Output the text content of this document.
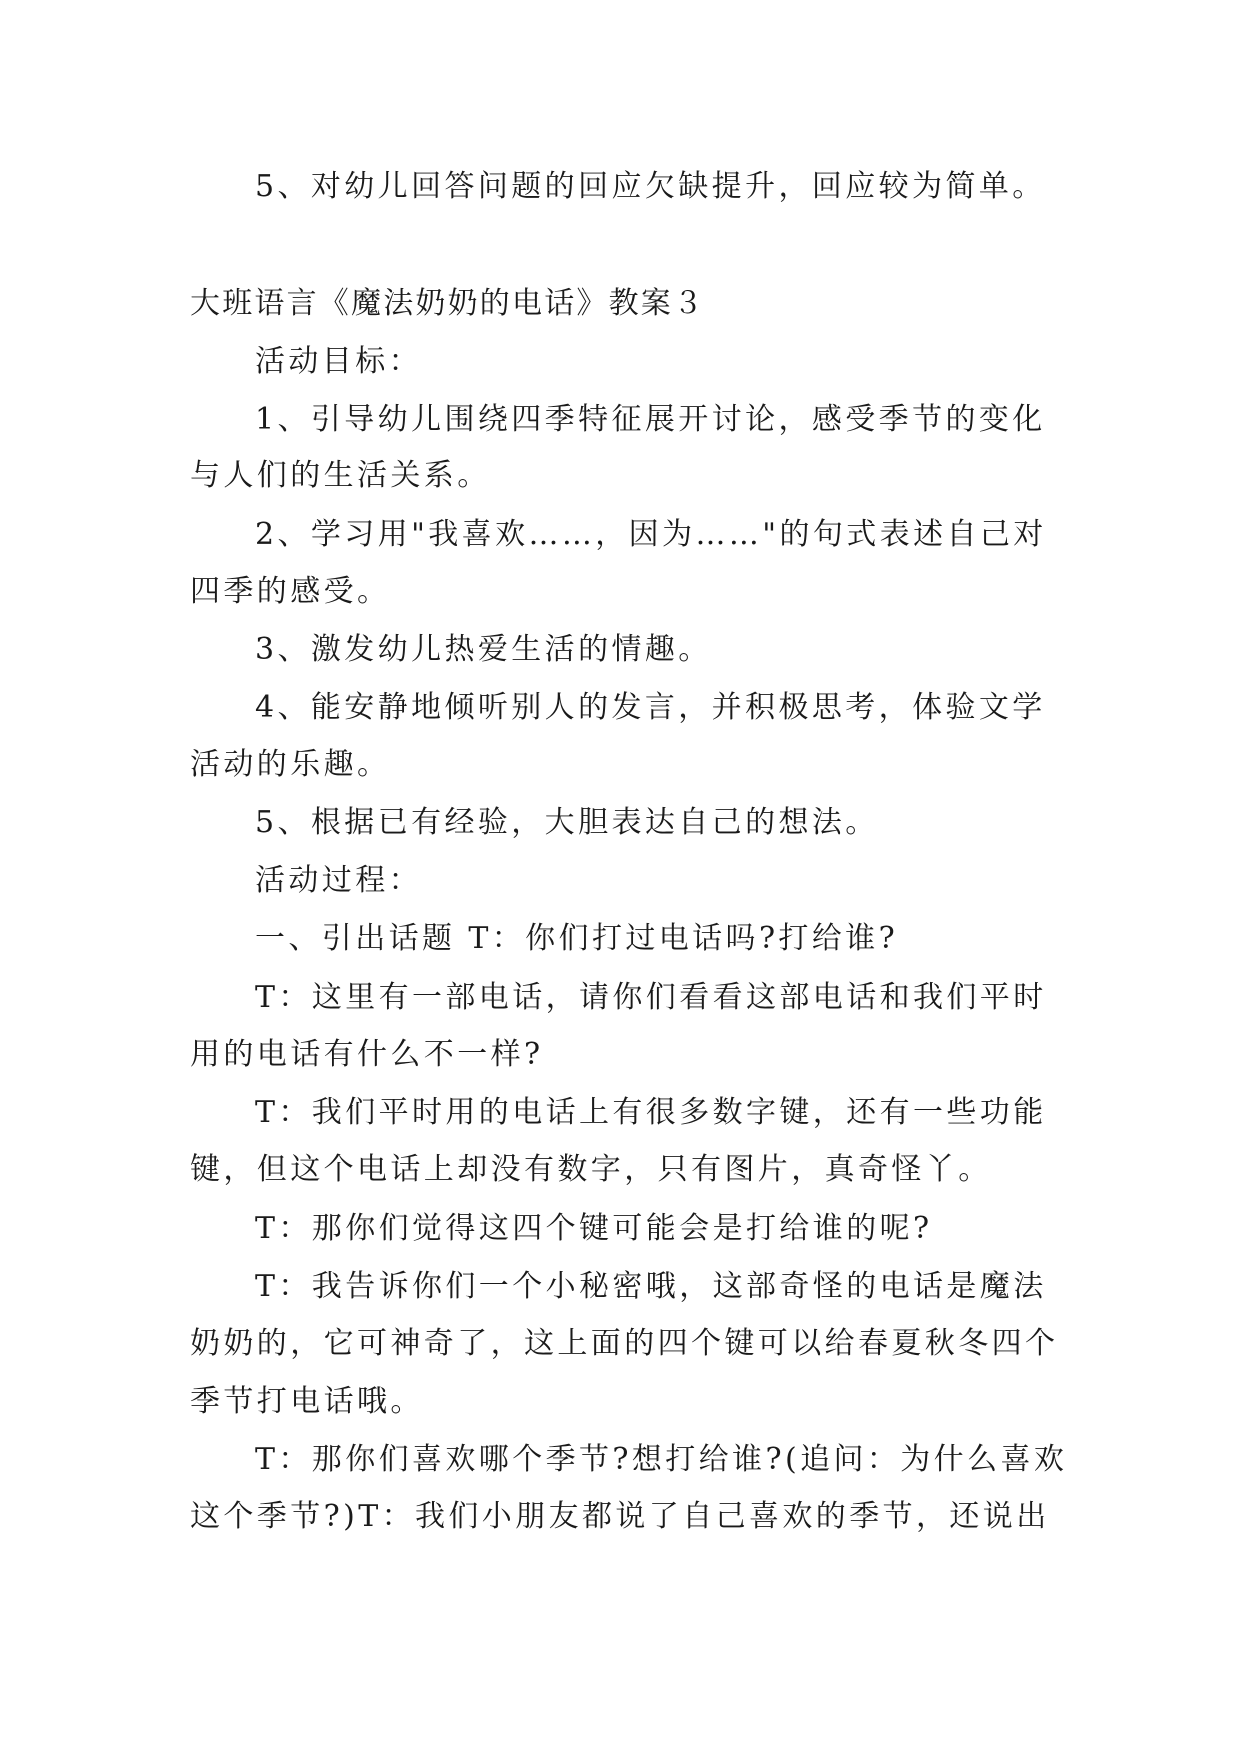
5、对幼儿回答问题的回应欠缺提升，回应较为简单。
大班语言《魔法奶奶的电话》教案３
活动目标：
1、引导幼儿围绕四季特征展开讨论，感受季节的变化
与人们的生活关系。
2、学习用"我喜欢……，因为……"的句式表述自己对
四季的感受。
3、激发幼儿热爱生活的情趣。
4、能安静地倾听别人的发言，并积极思考，体验文学
活动的乐趣。
5、根据已有经验，大胆表达自己的想法。
活动过程：
一、引出话题 T：你们打过电话吗?打给谁?
T：这里有一部电话，请你们看看这部电话和我们平时
用的电话有什么不一样?
T：我们平时用的电话上有很多数字键，还有一些功能
键，但这个电话上却没有数字，只有图片，真奇怪丫。
T：那你们觉得这四个键可能会是打给谁的呢?
T：我告诉你们一个小秘密哦，这部奇怪的电话是魔法
奶奶的，它可神奇了，这上面的四个键可以给春夏秋冬四个
季节打电话哦。
T：那你们喜欢哪个季节?想打给谁?(追问：为什么喜欢
这个季节?)T：我们小朋友都说了自己喜欢的季节，还说出
